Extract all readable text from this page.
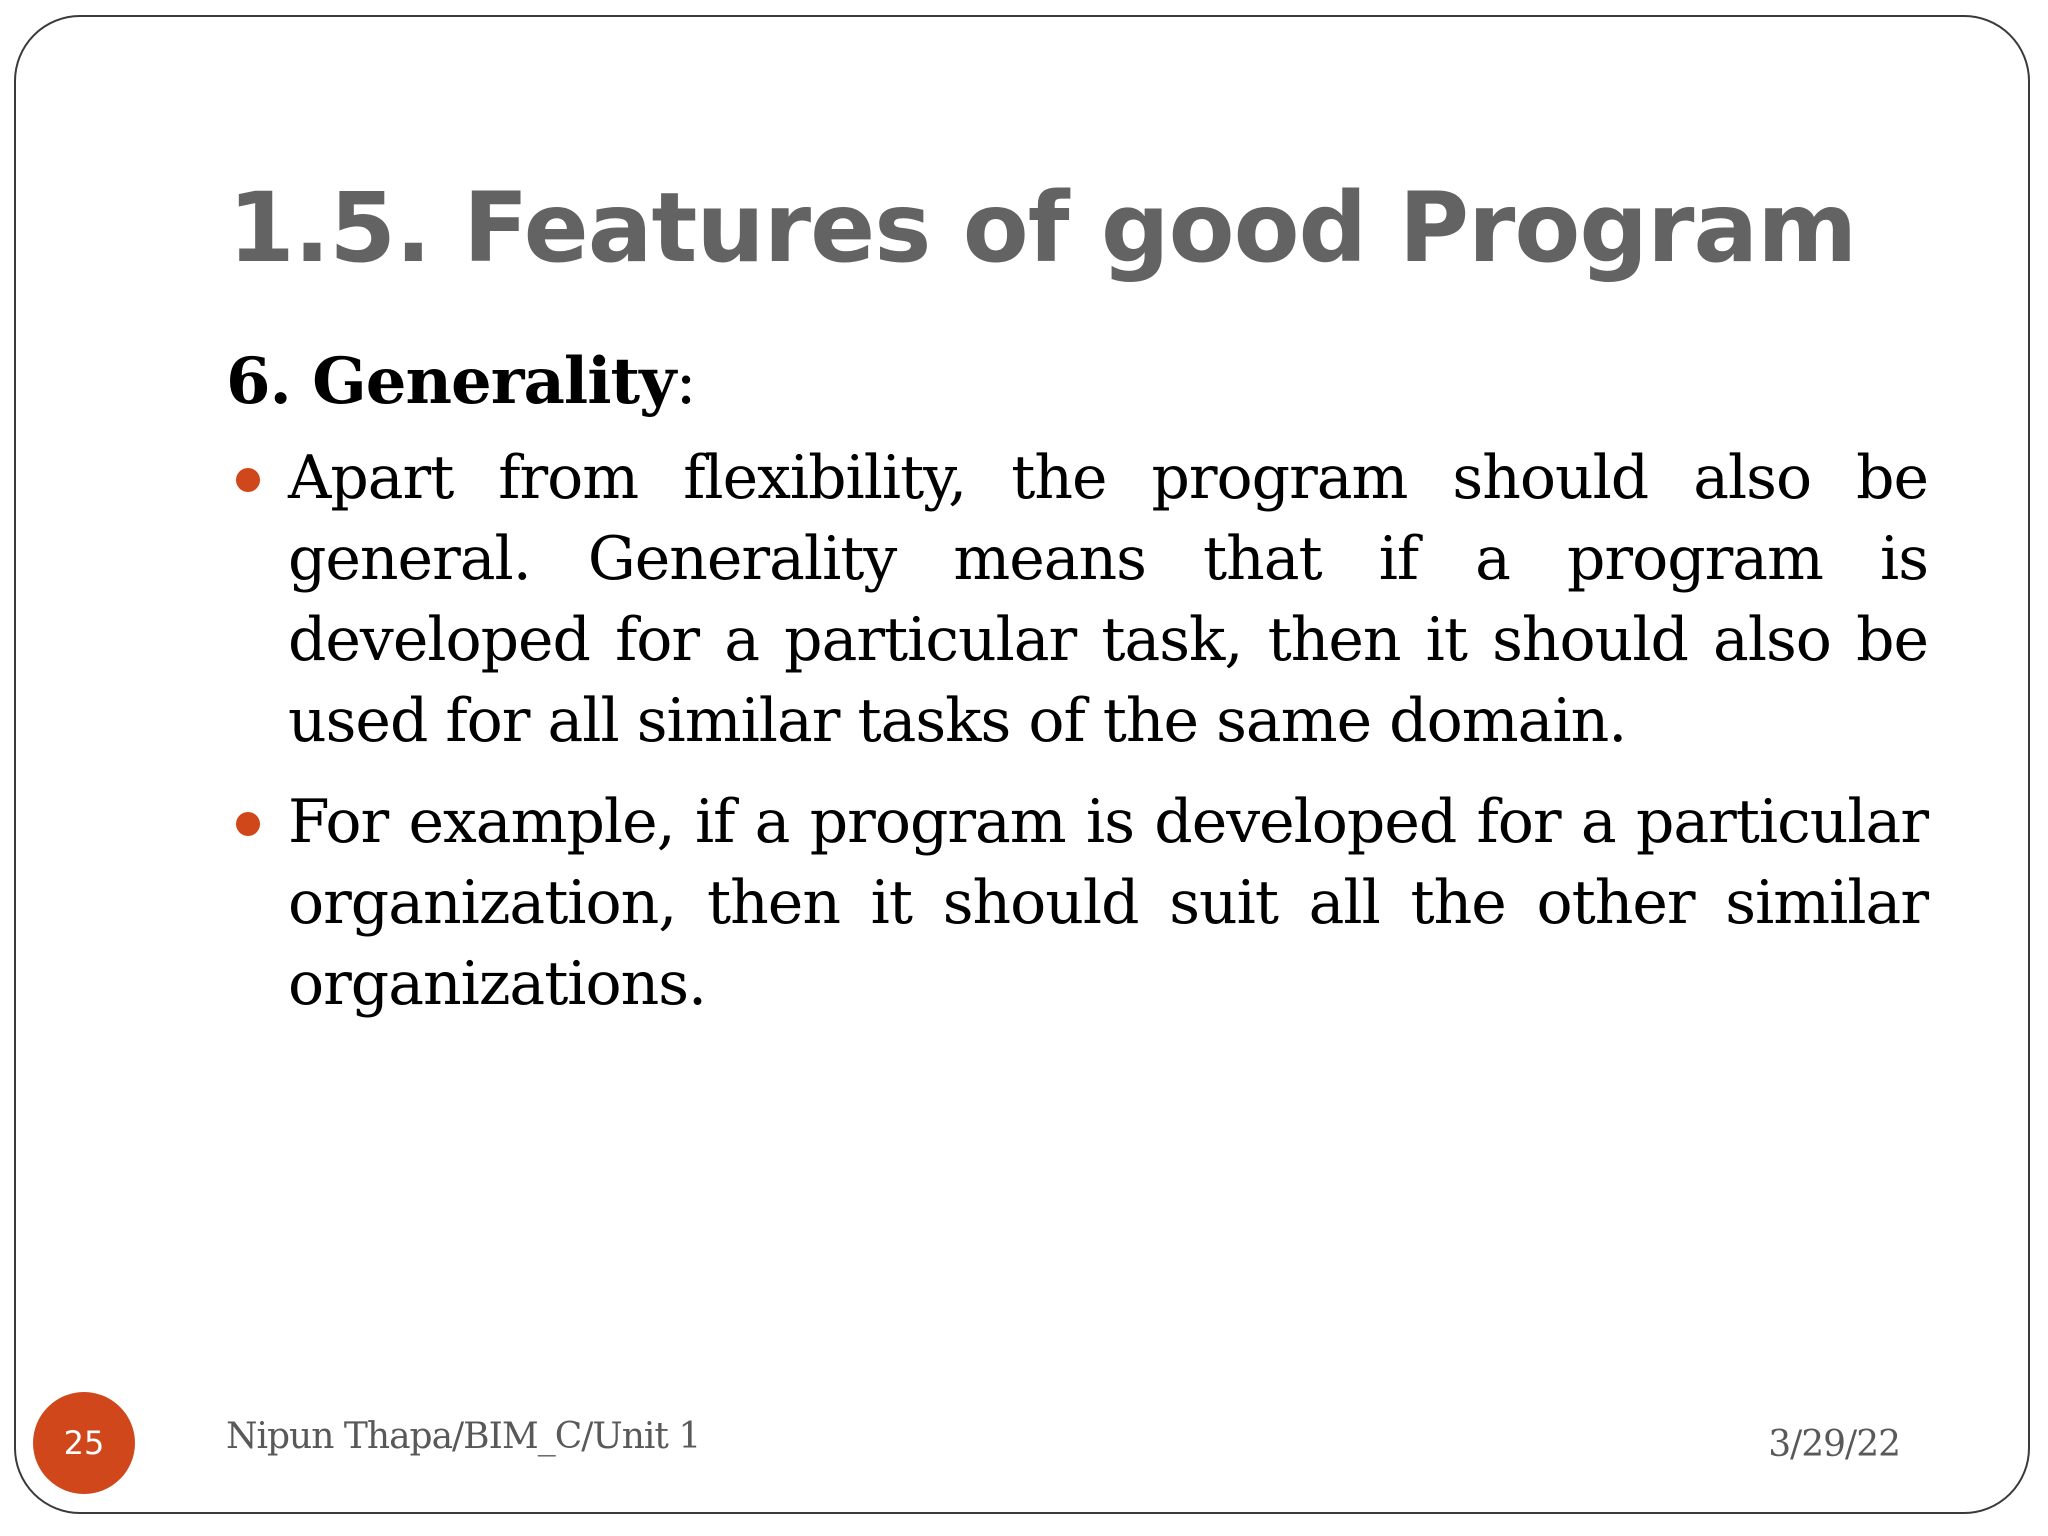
1.5. Features of good Program
6. Generality:
Apart from flexibility, the program should also be general. Generality means that if a program is developed for a particular task, then it should also be used for all similar tasks of the same domain.
For example, if a program is developed for a particular organization, then it should suit all the other similar organizations.
25	Nipun Thapa/BIM_C/Unit 1	3/29/22
